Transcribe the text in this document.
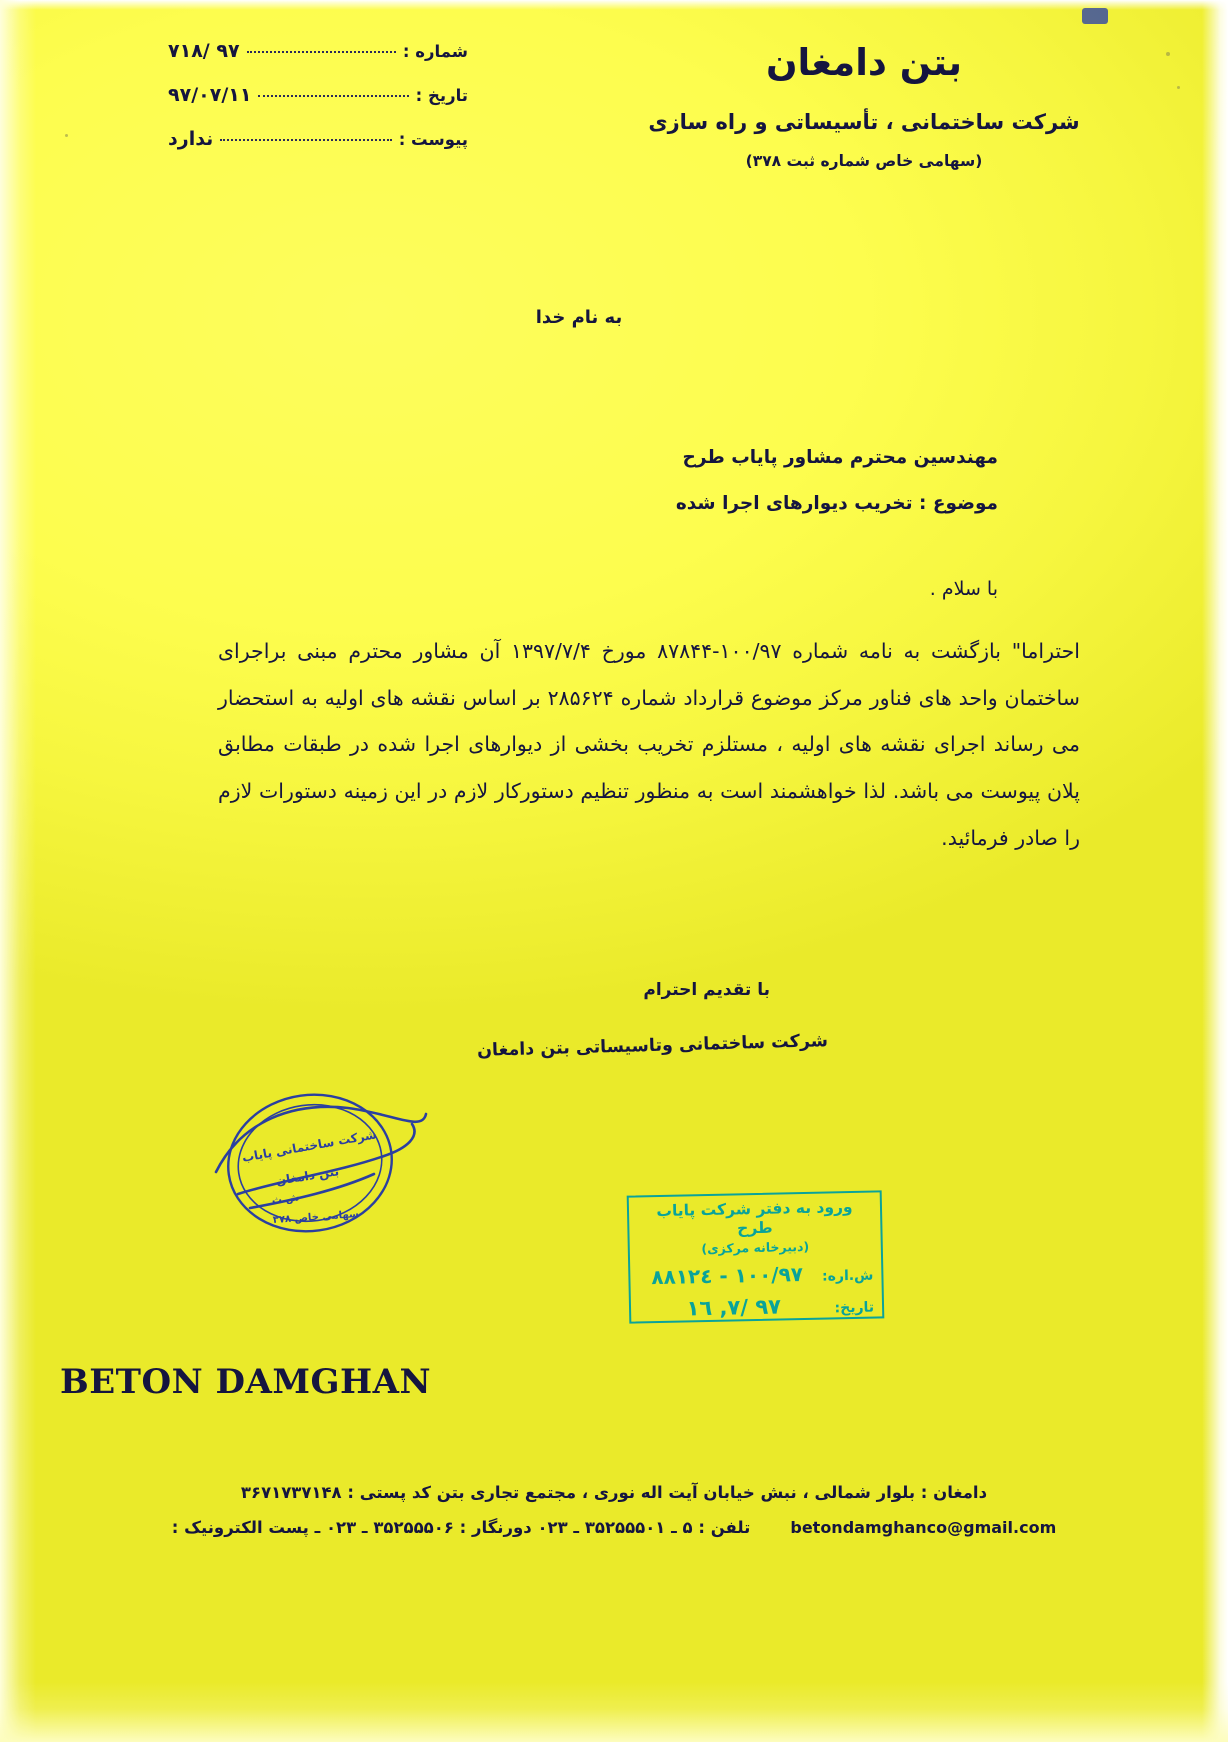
بتن دامغان
شرکت ساختمانی ، تأسیساتی و راه سازی
(سهامی خاص شماره ثبت ۳۷۸)
شماره :
۹۷ /۷۱۸
تاریخ :
۹۷/۰۷/۱۱
پیوست :
ندارد
به نام خدا
مهندسین محترم مشاور پایاب طرح
موضوع : تخریب دیوارهای اجرا شده
با سلام .
احتراما" بازگشت به نامه شماره ۱۰۰/۹۷-۸۷۸۴۴ مورخ ۱۳۹۷/۷/۴ آن مشاور محترم مبنی براجرای ساختمان واحد های فناور مرکز موضوع قرارداد شماره ۲۸۵۶۲۴ بر اساس نقشه های اولیه به استحضار می رساند اجرای نقشه های اولیه ، مستلزم تخریب بخشی از دیوارهای اجرا شده در طبقات مطابق پلان پیوست می باشد. لذا خواهشمند است به منظور تنظیم دستورکار لازم در این زمینه دستورات لازم را صادر فرمائید.
با تقدیم احترام
شرکت ساختمانی وتاسیساتی بتن دامغان
شرکت ساختمانی پایاب
بتن دامغان
ش.ث
سهامی خاص ۳۷۸	ورود به دفتر شرکت پایاب طرح
(دبیرخانه مرکزی)
ش.اره:
۱۰۰/۹۷ - ۸۸۱۲٤
تاریخ:
۹۷ /۷, ۱٦
BETON DAMGHAN
دامغان : بلوار شمالی ، نبش خیابان آیت اله نوری ، مجتمع تجاری بتن کد پستی : ۳۶۷۱۷۳۷۱۴۸
betondamghanco@gmail.com
تلفن : ۵ ـ ۳۵۲۵۵۵۰۱ ـ ۰۲۳ دورنگار : ۳۵۲۵۵۵۰۶ ـ ۰۲۳ ـ پست الکترونیک :
